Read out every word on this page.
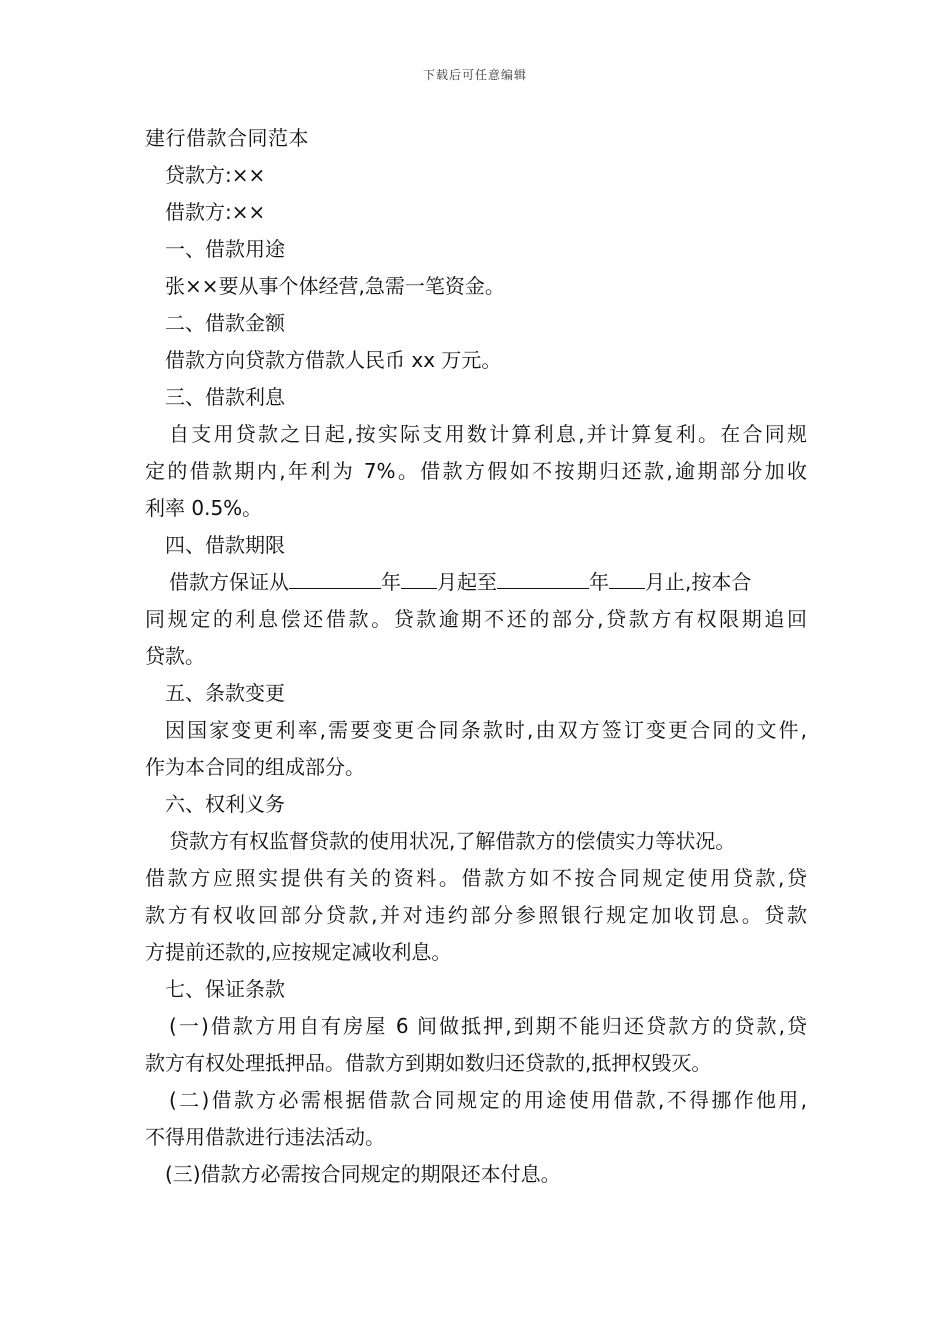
下载后可任意编辑
建行借款合同范本
贷款方:××
借款方:××
一、借款用途
张××要从事个体经营,急需一笔资金。
二、借款金额
借款方向贷款方借款人民币 xx 万元。
三、借款利息
自支用贷款之日起,按实际支用数计算利息,并计算复利。在合同规
定的借款期内,年利为 7%。借款方假如不按期归还款,逾期部分加收
利率 0.5%。
四、借款期限
借款方保证从	年 月起至	年 月止,按本合
同规定的利息偿还借款。贷款逾期不还的部分,贷款方有权限期追回
贷款。
五、条款变更
因国家变更利率,需要变更合同条款时,由双方签订变更合同的文件,
作为本合同的组成部分。
六、权利义务
贷款方有权监督贷款的使用状况,了解借款方的偿债实力等状况。
借款方应照实提供有关的资料。借款方如不按合同规定使用贷款,贷
款方有权收回部分贷款,并对违约部分参照银行规定加收罚息。贷款
方提前还款的,应按规定减收利息。
七、保证条款
(一)借款方用自有房屋 6 间做抵押,到期不能归还贷款方的贷款,贷
款方有权处理抵押品。借款方到期如数归还贷款的,抵押权毁灭。
(二)借款方必需根据借款合同规定的用途使用借款,不得挪作他用,
不得用借款进行违法活动。
(三)借款方必需按合同规定的期限还本付息。
